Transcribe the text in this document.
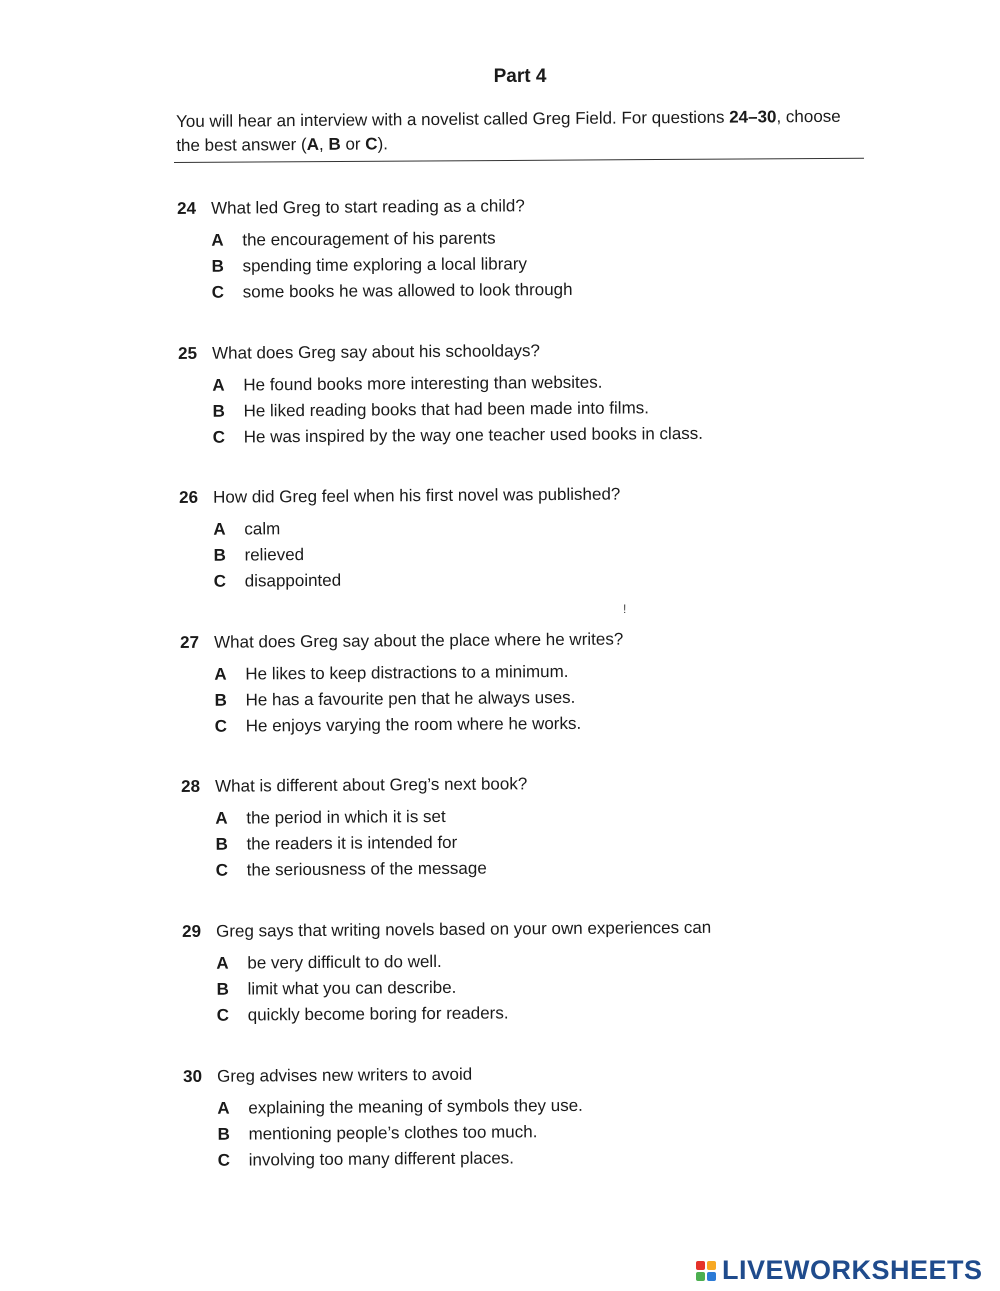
Part 4
You will hear an interview with a novelist called Greg Field. For questions 24–30, choose the best answer (A, B or C).
24 What led Greg to start reading as a child?
A	the encouragement of his parents
B	spending time exploring a local library
C	some books he was allowed to look through
25 What does Greg say about his schooldays?
A	He found books more interesting than websites.
B	He liked reading books that had been made into films.
C	He was inspired by the way one teacher used books in class.
26 How did Greg feel when his first novel was published?
A	calm
B	relieved
C	disappointed
!
27 What does Greg say about the place where he writes?
A	He likes to keep distractions to a minimum.
B	He has a favourite pen that he always uses.
C	He enjoys varying the room where he works.
28 What is different about Greg’s next book?
A	the period in which it is set
B	the readers it is intended for
C	the seriousness of the message
29 Greg says that writing novels based on your own experiences can
A	be very difficult to do well.
B	limit what you can describe.
C	quickly become boring for readers.
30 Greg advises new writers to avoid
A	explaining the meaning of symbols they use.
B	mentioning people’s clothes too much.
C	involving too many different places.
LIVEWORKSHEETS
